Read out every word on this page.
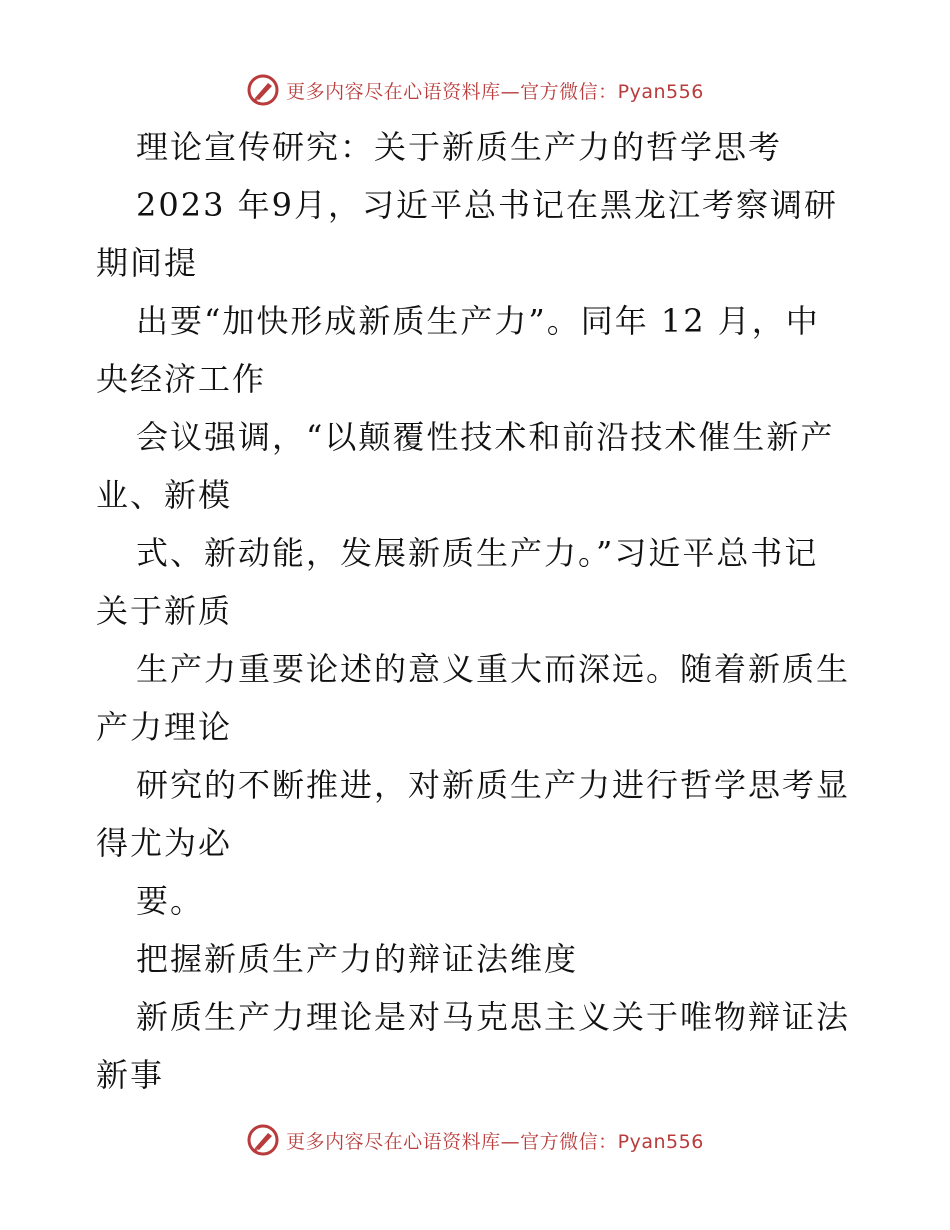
更多内容尽在心语资料库—官方微信：Pyan556
理论宣传研究：关于新质生产力的哲学思考
2023 年9月，习近平总书记在黑龙江考察调研
期间提
出要“加快形成新质生产力”。同年 12 月，中
央经济工作
会议强调，“以颠覆性技术和前沿技术催生新产
业、新模
式、新动能，发展新质生产力。”习近平总书记
关于新质
生产力重要论述的意义重大而深远。随着新质生
产力理论
研究的不断推进，对新质生产力进行哲学思考显
得尤为必
要。
把握新质生产力的辩证法维度
新质生产力理论是对马克思主义关于唯物辩证法
新事
更多内容尽在心语资料库—官方微信：Pyan556
